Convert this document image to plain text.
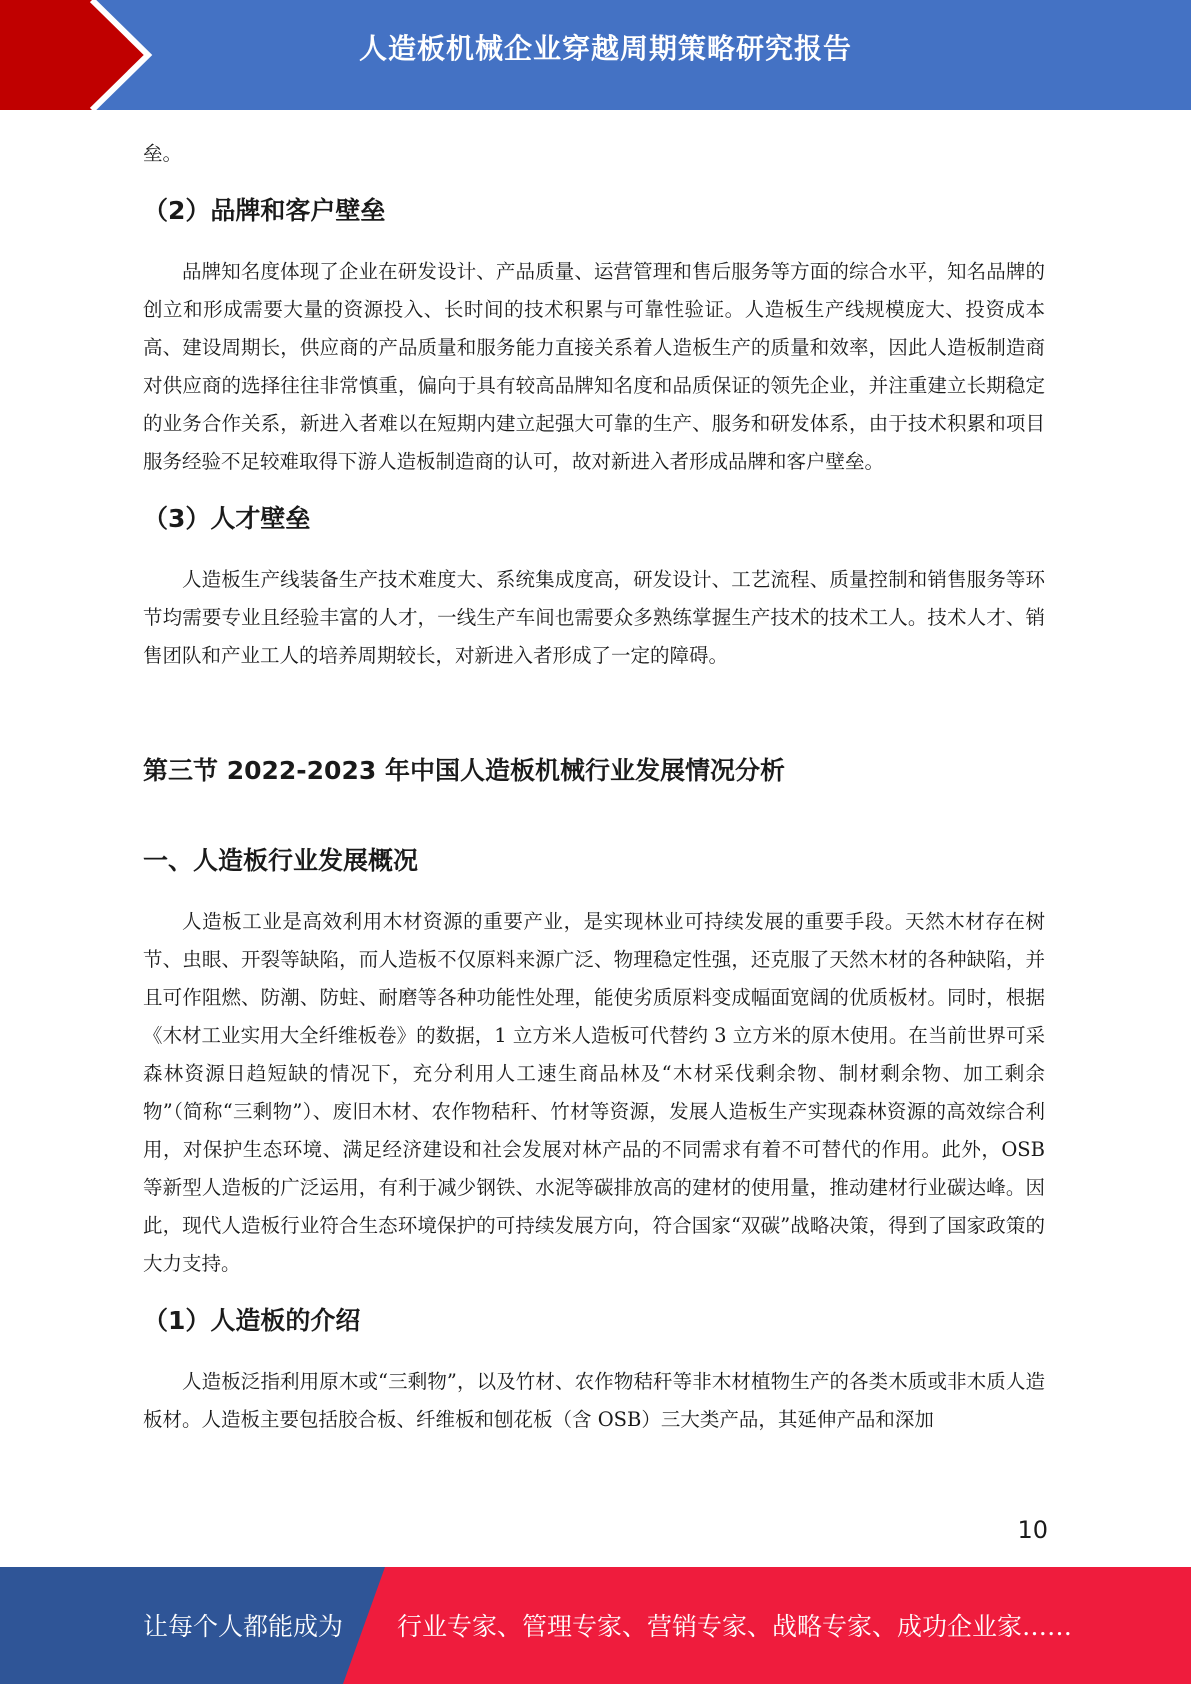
人造板机械企业穿越周期策略研究报告

垒。

（2）品牌和客户壁垒

品牌知名度体现了企业在研发设计、产品质量、运营管理和售后服务等方面的综合水平，知名品牌的创立和形成需要大量的资源投入、长时间的技术积累与可靠性验证。人造板生产线规模庞大、投资成本高、建设周期长，供应商的产品质量和服务能力直接关系着人造板生产的质量和效率，因此人造板制造商对供应商的选择往往非常慎重，偏向于具有较高品牌知名度和品质保证的领先企业，并注重建立长期稳定的业务合作关系，新进入者难以在短期内建立起强大可靠的生产、服务和研发体系，由于技术积累和项目服务经验不足较难取得下游人造板制造商的认可，故对新进入者形成品牌和客户壁垒。

（3）人才壁垒

人造板生产线装备生产技术难度大、系统集成度高，研发设计、工艺流程、质量控制和销售服务等环节均需要专业且经验丰富的人才，一线生产车间也需要众多熟练掌握生产技术的技术工人。技术人才、销售团队和产业工人的培养周期较长，对新进入者形成了一定的障碍。

第三节 2022-2023 年中国人造板机械行业发展情况分析
一、人造板行业发展概况

人造板工业是高效利用木材资源的重要产业，是实现林业可持续发展的重要手段。天然木材存在树节、虫眼、开裂等缺陷，而人造板不仅原料来源广泛、物理稳定性强，还克服了天然木材的各种缺陷，并且可作阻燃、防潮、防蛀、耐磨等各种功能性处理，能使劣质原料变成幅面宽阔的优质板材。同时，根据《木材工业实用大全纤维板卷》的数据，1 立方米人造板可代替约 3 立方米的原木使用。在当前世界可采森林资源日趋短缺的情况下，充分利用人工速生商品林及“木材采伐剩余物、制材剩余物、加工剩余物”（简称“三剩物”）、废旧木材、农作物秸秆、竹材等资源，发展人造板生产实现森林资源的高效综合利用，对保护生态环境、满足经济建设和社会发展对林产品的不同需求有着不可替代的作用。此外，OSB 等新型人造板的广泛运用，有利于减少钢铁、水泥等碳排放高的建材的使用量，推动建材行业碳达峰。因此，现代人造板行业符合生态环境保护的可持续发展方向，符合国家“双碳”战略决策，得到了国家政策的大力支持。

（1）人造板的介绍

人造板泛指利用原木或“三剩物”，以及竹材、农作物秸秆等非木材植物生产的各类木质或非木质人造板材。人造板主要包括胶合板、纤维板和刨花板（含 OSB）三大类产品，其延伸产品和深加

10
让每个人都能成为 行业专家、管理专家、营销专家、战略专家、成功企业家……
